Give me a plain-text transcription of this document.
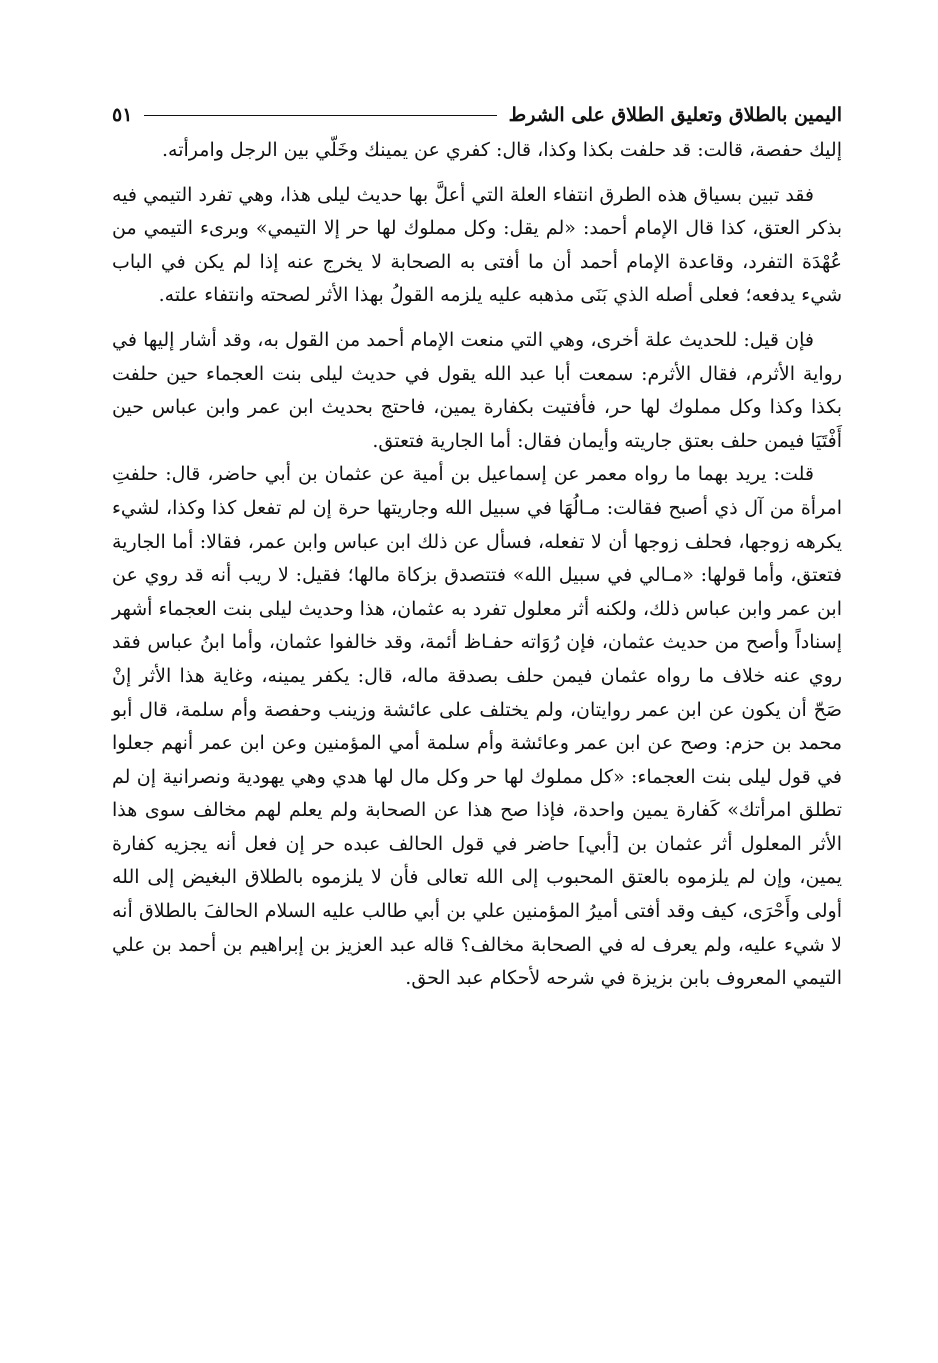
اليمين بالطلاق وتعليق الطلاق على الشرط
٥١

إليك حفصة، قالت: قد حلفت بكذا وكذا، قال: كفري عن يمينك وخَلّي بين الرجل وامرأته.

فقد تبين بسياق هذه الطرق انتفاء العلة التي أعلَّ بها حديث ليلى هذا، وهي تفرد التيمي فيه بذكر العتق، كذا قال الإمام أحمد: «لم يقل: وكل مملوك لها حر إلا التيمي» وبرىء التيمي من عُهْدَة التفرد، وقاعدة الإمام أحمد أن ما أفتى به الصحابة لا يخرج عنه إذا لم يكن في الباب شيء يدفعه؛ فعلى أصله الذي بَنَى مذهبه عليه يلزمه القولُ بهذا الأثر لصحته وانتفاء علته.

فإن قيل: للحديث علة أخرى، وهي التي منعت الإمام أحمد من القول به، وقد أشار إليها في رواية الأثرم، فقال الأثرم: سمعت أبا عبد الله يقول في حديث ليلى بنت العجماء حين حلفت بكذا وكذا وكل مملوك لها حر، فأفتيت بكفارة يمين، فاحتج بحديث ابن عمر وابن عباس حين أَفْتَيَا فيمن حلف بعتق جاريته وأيمان فقال: أما الجارية فتعتق.

قلت: يريد بهما ما رواه معمر عن إسماعيل بن أمية عن عثمان بن أبي حاضر، قال: حلفتِ امرأة من آل ذي أصبح فقالت: مـالُهَا في سبيل الله وجاريتها حرة إن لم تفعل كذا وكذا، لشيء يكرهه زوجها، فحلف زوجها أن لا تفعله، فسأل عن ذلك ابن عباس وابن عمر، فقالا: أما الجارية فتعتق، وأما قولها: «مـالي في سبيل الله» فتتصدق بزكاة مالها؛ فقيل: لا ريب أنه قد روي عن ابن عمر وابن عباس ذلك، ولكنه أثر معلول تفرد به عثمان، هذا وحديث ليلى بنت العجماء أشهر إسناداً وأصح من حديث عثمان، فإن رُوَاته حفـاظ أئمة، وقد خالفوا عثمان، وأما ابنُ عباس فقد روي عنه خلاف ما رواه عثمان فيمن حلف بصدقة ماله، قال: يكفر يمينه، وغاية هذا الأثر إنْ صَحّ أن يكون عن ابن عمر روايتان، ولم يختلف على عائشة وزينب وحفصة وأم سلمة، قال أبو محمد بن حزم: وصح عن ابن عمر وعائشة وأم سلمة أمي المؤمنين وعن ابن عمر أنهم جعلوا في قول ليلى بنت العجماء: «كل مملوك لها حر وكل مال لها هدي وهي يهودية ونصرانية إن لم تطلق امرأتك» كَفارة يمين واحدة، فإذا صح هذا عن الصحابة ولم يعلم لهم مخالف سوى هذا الأثر المعلول أثر عثمان بن [أبي] حاضر في قول الحالف عبده حر إن فعل أنه يجزيه كفارة يمين، وإن لم يلزموه بالعتق المحبوب إلى الله تعالى فأن لا يلزموه بالطلاق البغيض إلى الله أولى وأَحْرَى، كيف وقد أفتى أميرُ المؤمنين علي بن أبي طالب عليه السلام الحالفَ بالطلاق أنه لا شيء عليه، ولم يعرف له في الصحابة مخالف؟ قاله عبد العزيز بن إبراهيم بن أحمد بن علي التيمي المعروف بابن بزيزة في شرحه لأحكام عبد الحق.
